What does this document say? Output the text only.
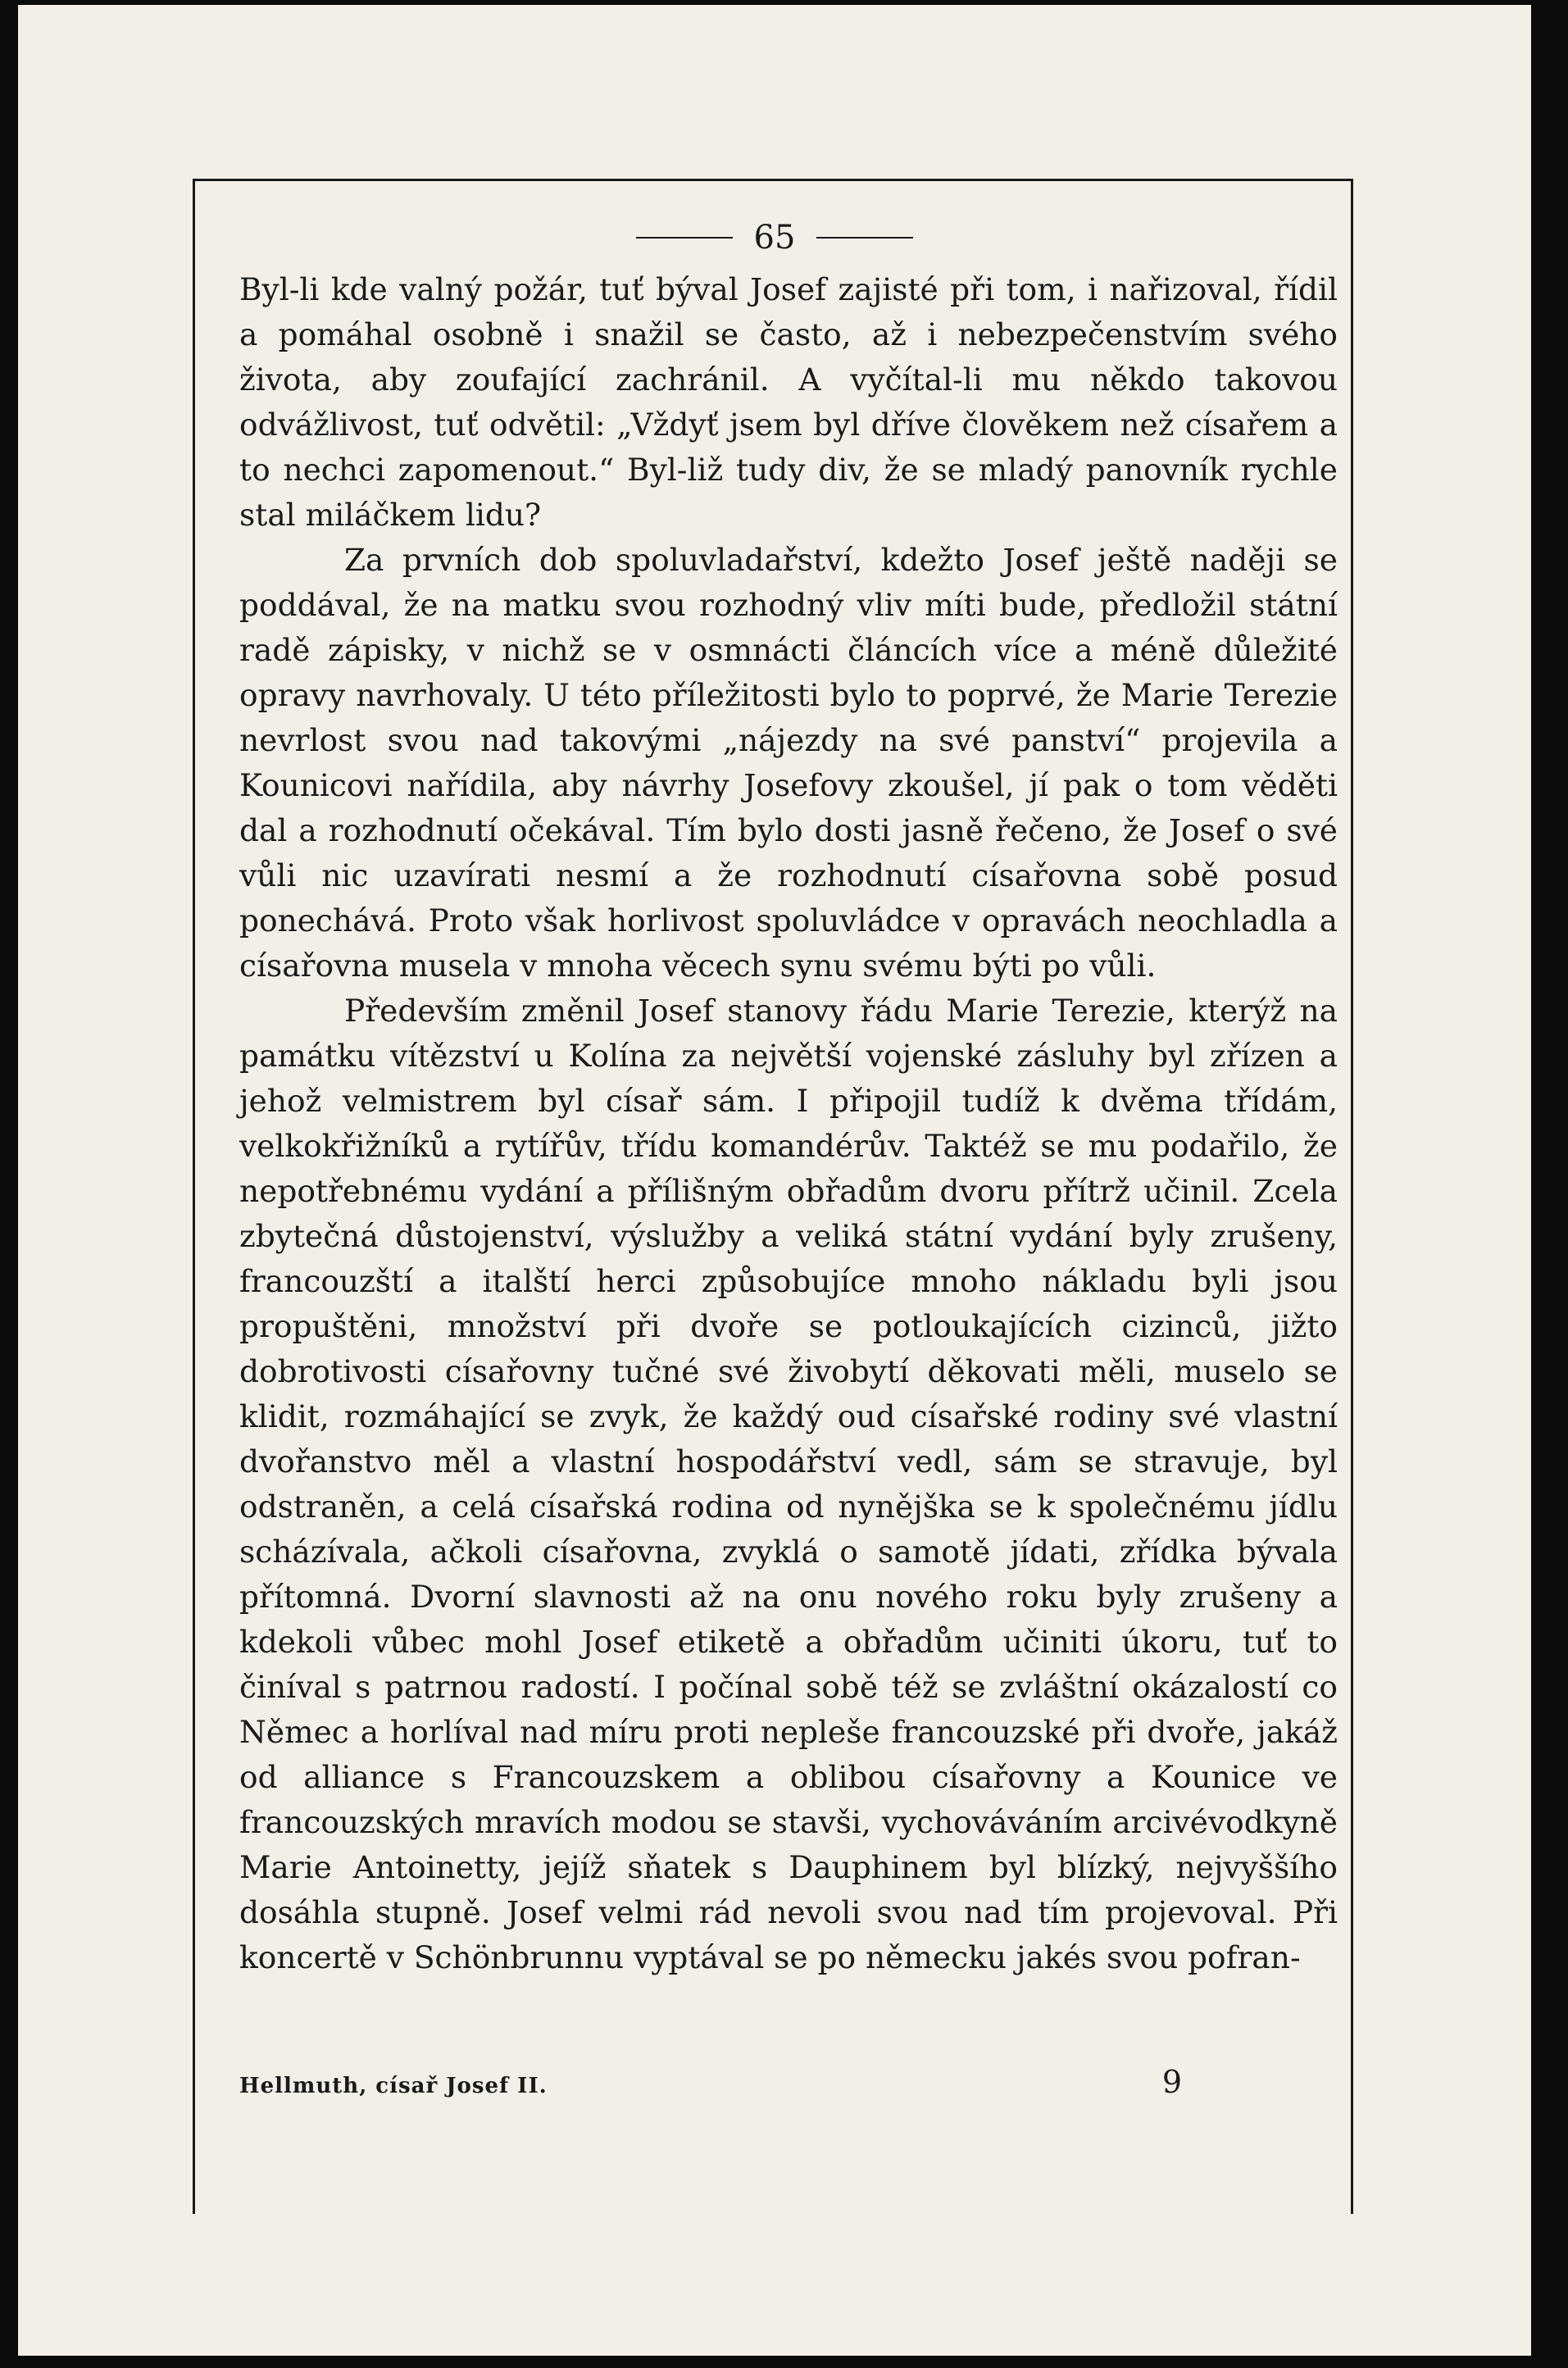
65

Byl-li kde valný požár, tuť býval Josef zajisté při tom, i nařizoval, řídil a pomáhal osobně i snažil se často, až i nebezpečenstvím svého života, aby zoufající zachránil. A vyčítal-li mu někdo takovou odvážlivost, tuť odvětil: „Vždyť jsem byl dříve člověkem než císařem a to nechci zapomenout.“ Byl-liž tudy div, že se mladý panovník rychle stal miláčkem lidu?

Za prvních dob spoluvladařství, kdežto Josef ještě naději se poddával, že na matku svou rozhodný vliv míti bude, předložil státní radě zápisky, v nichž se v osmnácti článcích více a méně důležité opravy navrhovaly. U této příležitosti bylo to poprvé, že Marie Terezie nevrlost svou nad takovými „nájezdy na své panství“ projevila a Kounicovi nařídila, aby návrhy Josefovy zkoušel, jí pak o tom věděti dal a rozhodnutí očekával. Tím bylo dosti jasně řečeno, že Josef o své vůli nic uzavírati nesmí a že rozhodnutí císařovna sobě posud ponechává. Proto však horlivost spoluvládce v opravách neochladla a císařovna musela v mnoha věcech synu svému býti po vůli.

Především změnil Josef stanovy řádu Marie Terezie, kterýž na památku vítězství u Kolína za největší vojenské zásluhy byl zřízen a jehož velmistrem byl císař sám. I připojil tudíž k dvěma třídám, velkokřižníků a rytířův, třídu komandérův. Taktéž se mu podařilo, že nepotřebnému vydání a přílišným obřadům dvoru přítrž učinil. Zcela zbytečná důstojenství, výslužby a veliká státní vydání byly zrušeny, francouzští a italští herci způsobujíce mnoho nákladu byli jsou propuštěni, množství při dvoře se potloukajících cizinců, jižto dobrotivosti císařovny tučné své živobytí děkovati měli, muselo se klidit, rozmáhající se zvyk, že každý oud císařské rodiny své vlastní dvořanstvo měl a vlastní hospodářství vedl, sám se stravuje, byl odstraněn, a celá císařská rodina od nynějška se k společnému jídlu scházívala, ačkoli císařovna, zvyklá o samotě jídati, zřídka bývala přítomná. Dvorní slavnosti až na onu nového roku byly zrušeny a kdekoli vůbec mohl Josef etiketě a obřadům učiniti úkoru, tuť to činíval s patrnou radostí. I počínal sobě též se zvláštní okázalostí co Němec a horlíval nad míru proti nepleše francouzské při dvoře, jakáž od alliance s Francouzskem a oblibou císařovny a Kounice ve francouzských mravích modou se stavši, vychováváním arcivévodkyně Marie Antoinetty, jejíž sňatek s Dauphinem byl blízký, nejvyššího dosáhla stupně. Josef velmi rád nevoli svou nad tím projevoval. Při koncertě v Schönbrunnu vyptával se po německu jakés svou pofran-

Hellmuth, císař Josef II.	9
